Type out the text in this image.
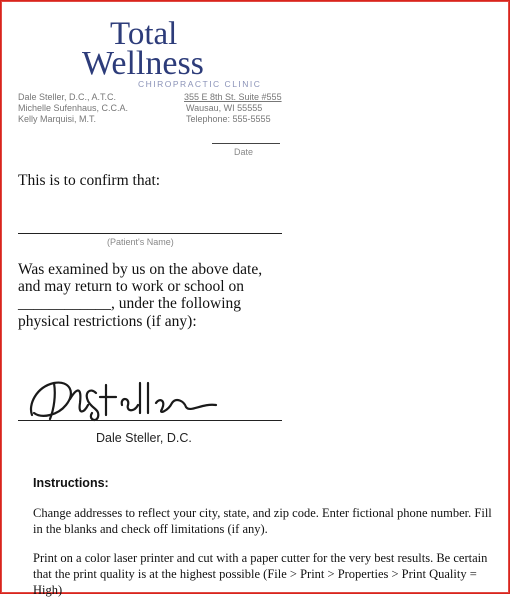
Total
Wellness
CHIROPRACTIC CLINIC
Dale Steller, D.C., A.T.C.
Michelle Sufenhaus, C.C.A.
Kelly Marquisi, M.T.
355 E 8th St. Suite #555
Wausau, WI 55555
Telephone: 555-5555
Date
This is to confirm that:
(Patient's Name)
Was examined by us on the above date,
and may return to work or school on
____________, under the following
physical restrictions (if any):
Dale Steller, D.C.
Instructions:
Change addresses to reflect your city, state, and zip code. Enter fictional phone number. Fill in the blanks and check off limitations (if any).
Print on a color laser printer and cut with a paper cutter for the very best results. Be certain that the print quality is at the highest possible (File > Print > Properties > Print Quality = High)
